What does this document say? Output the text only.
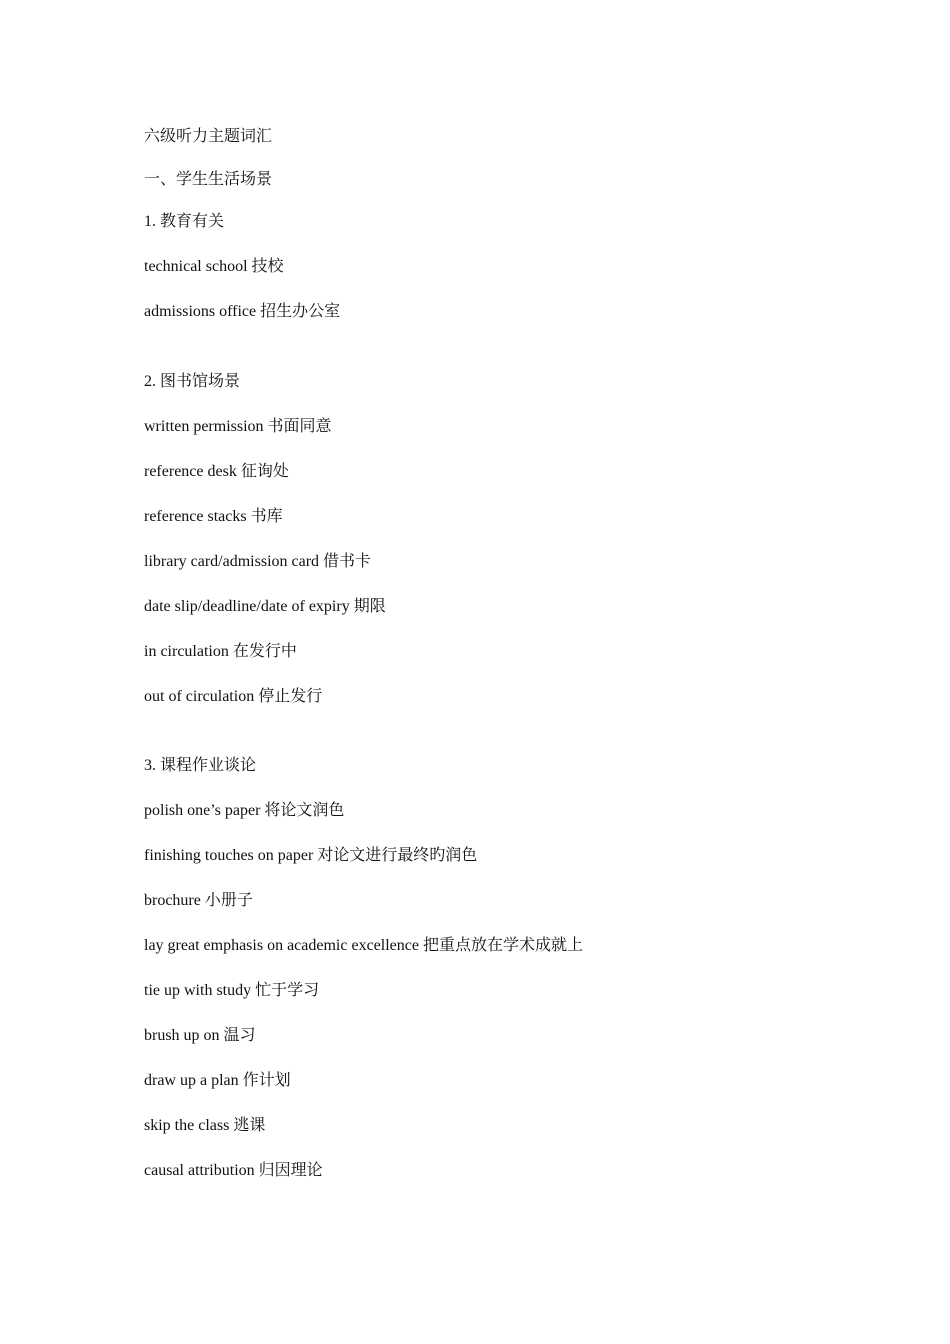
六级听力主题词汇
一、学生生活场景
1. 教育有关
technical school 技校
admissions office 招生办公室
2. 图书馆场景
written permission 书面同意
reference desk 征询处
reference stacks 书库
library card/admission card 借书卡
date slip/deadline/date of expiry 期限
in circulation 在发行中
out of circulation 停止发行
3. 课程作业谈论
polish one’s paper 将论文润色
finishing touches on paper 对论文进行最终旳润色
brochure 小册子
lay great emphasis on academic excellence 把重点放在学术成就上
tie up with study 忙于学习
brush up on 温习
draw up a plan 作计划
skip the class 逃课
causal attribution 归因理论
